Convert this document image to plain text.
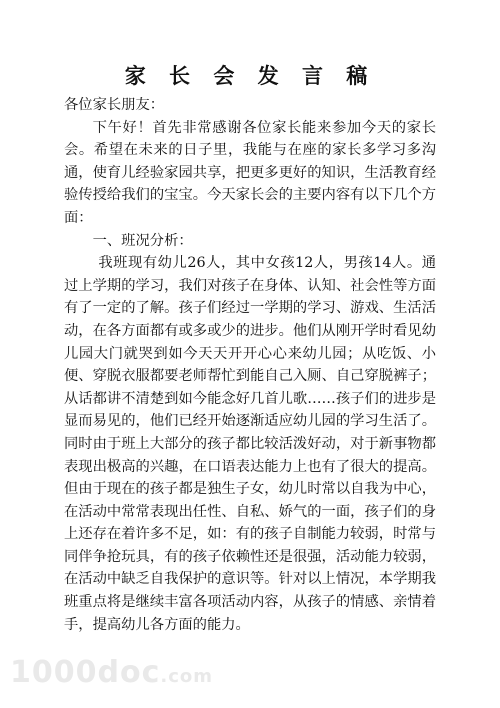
家 长 会 发 言 稿

各位家长朋友：

下午好！首先非常感谢各位家长能来参加今天的家长会。希望在未来的日子里，我能与在座的家长多学习多沟通，使育儿经验家园共享，把更多更好的知识，生活教育经验传授给我们的宝宝。今天家长会的主要内容有以下几个方面：

一、班况分析：

我班现有幼儿26人，其中女孩12人，男孩14人。通过上学期的学习，我们对孩子在身体、认知、社会性等方面有了一定的了解。孩子们经过一学期的学习、游戏、生活活动，在各方面都有或多或少的进步。他们从刚开学时看见幼儿园大门就哭到如今天天开开心心来幼儿园；从吃饭、小便、穿脱衣服都要老师帮忙到能自己入厕、自己穿脱裤子；从话都讲不清楚到如今能念好几首儿歌……孩子们的进步是显而易见的，他们已经开始逐渐适应幼儿园的学习生活了。同时由于班上大部分的孩子都比较活泼好动，对于新事物都表现出极高的兴趣，在口语表达能力上也有了很大的提高。但由于现在的孩子都是独生子女，幼儿时常以自我为中心，在活动中常常表现出任性、自私、娇气的一面，孩子们的身上还存在着许多不足，如：有的孩子自制能力较弱，时常与同伴争抢玩具，有的孩子依赖性还是很强，活动能力较弱，在活动中缺乏自我保护的意识等。针对以上情况，本学期我班重点将是继续丰富各项活动内容，从孩子的情感、亲情着手，提高幼儿各方面的能力。

1000doc.com
